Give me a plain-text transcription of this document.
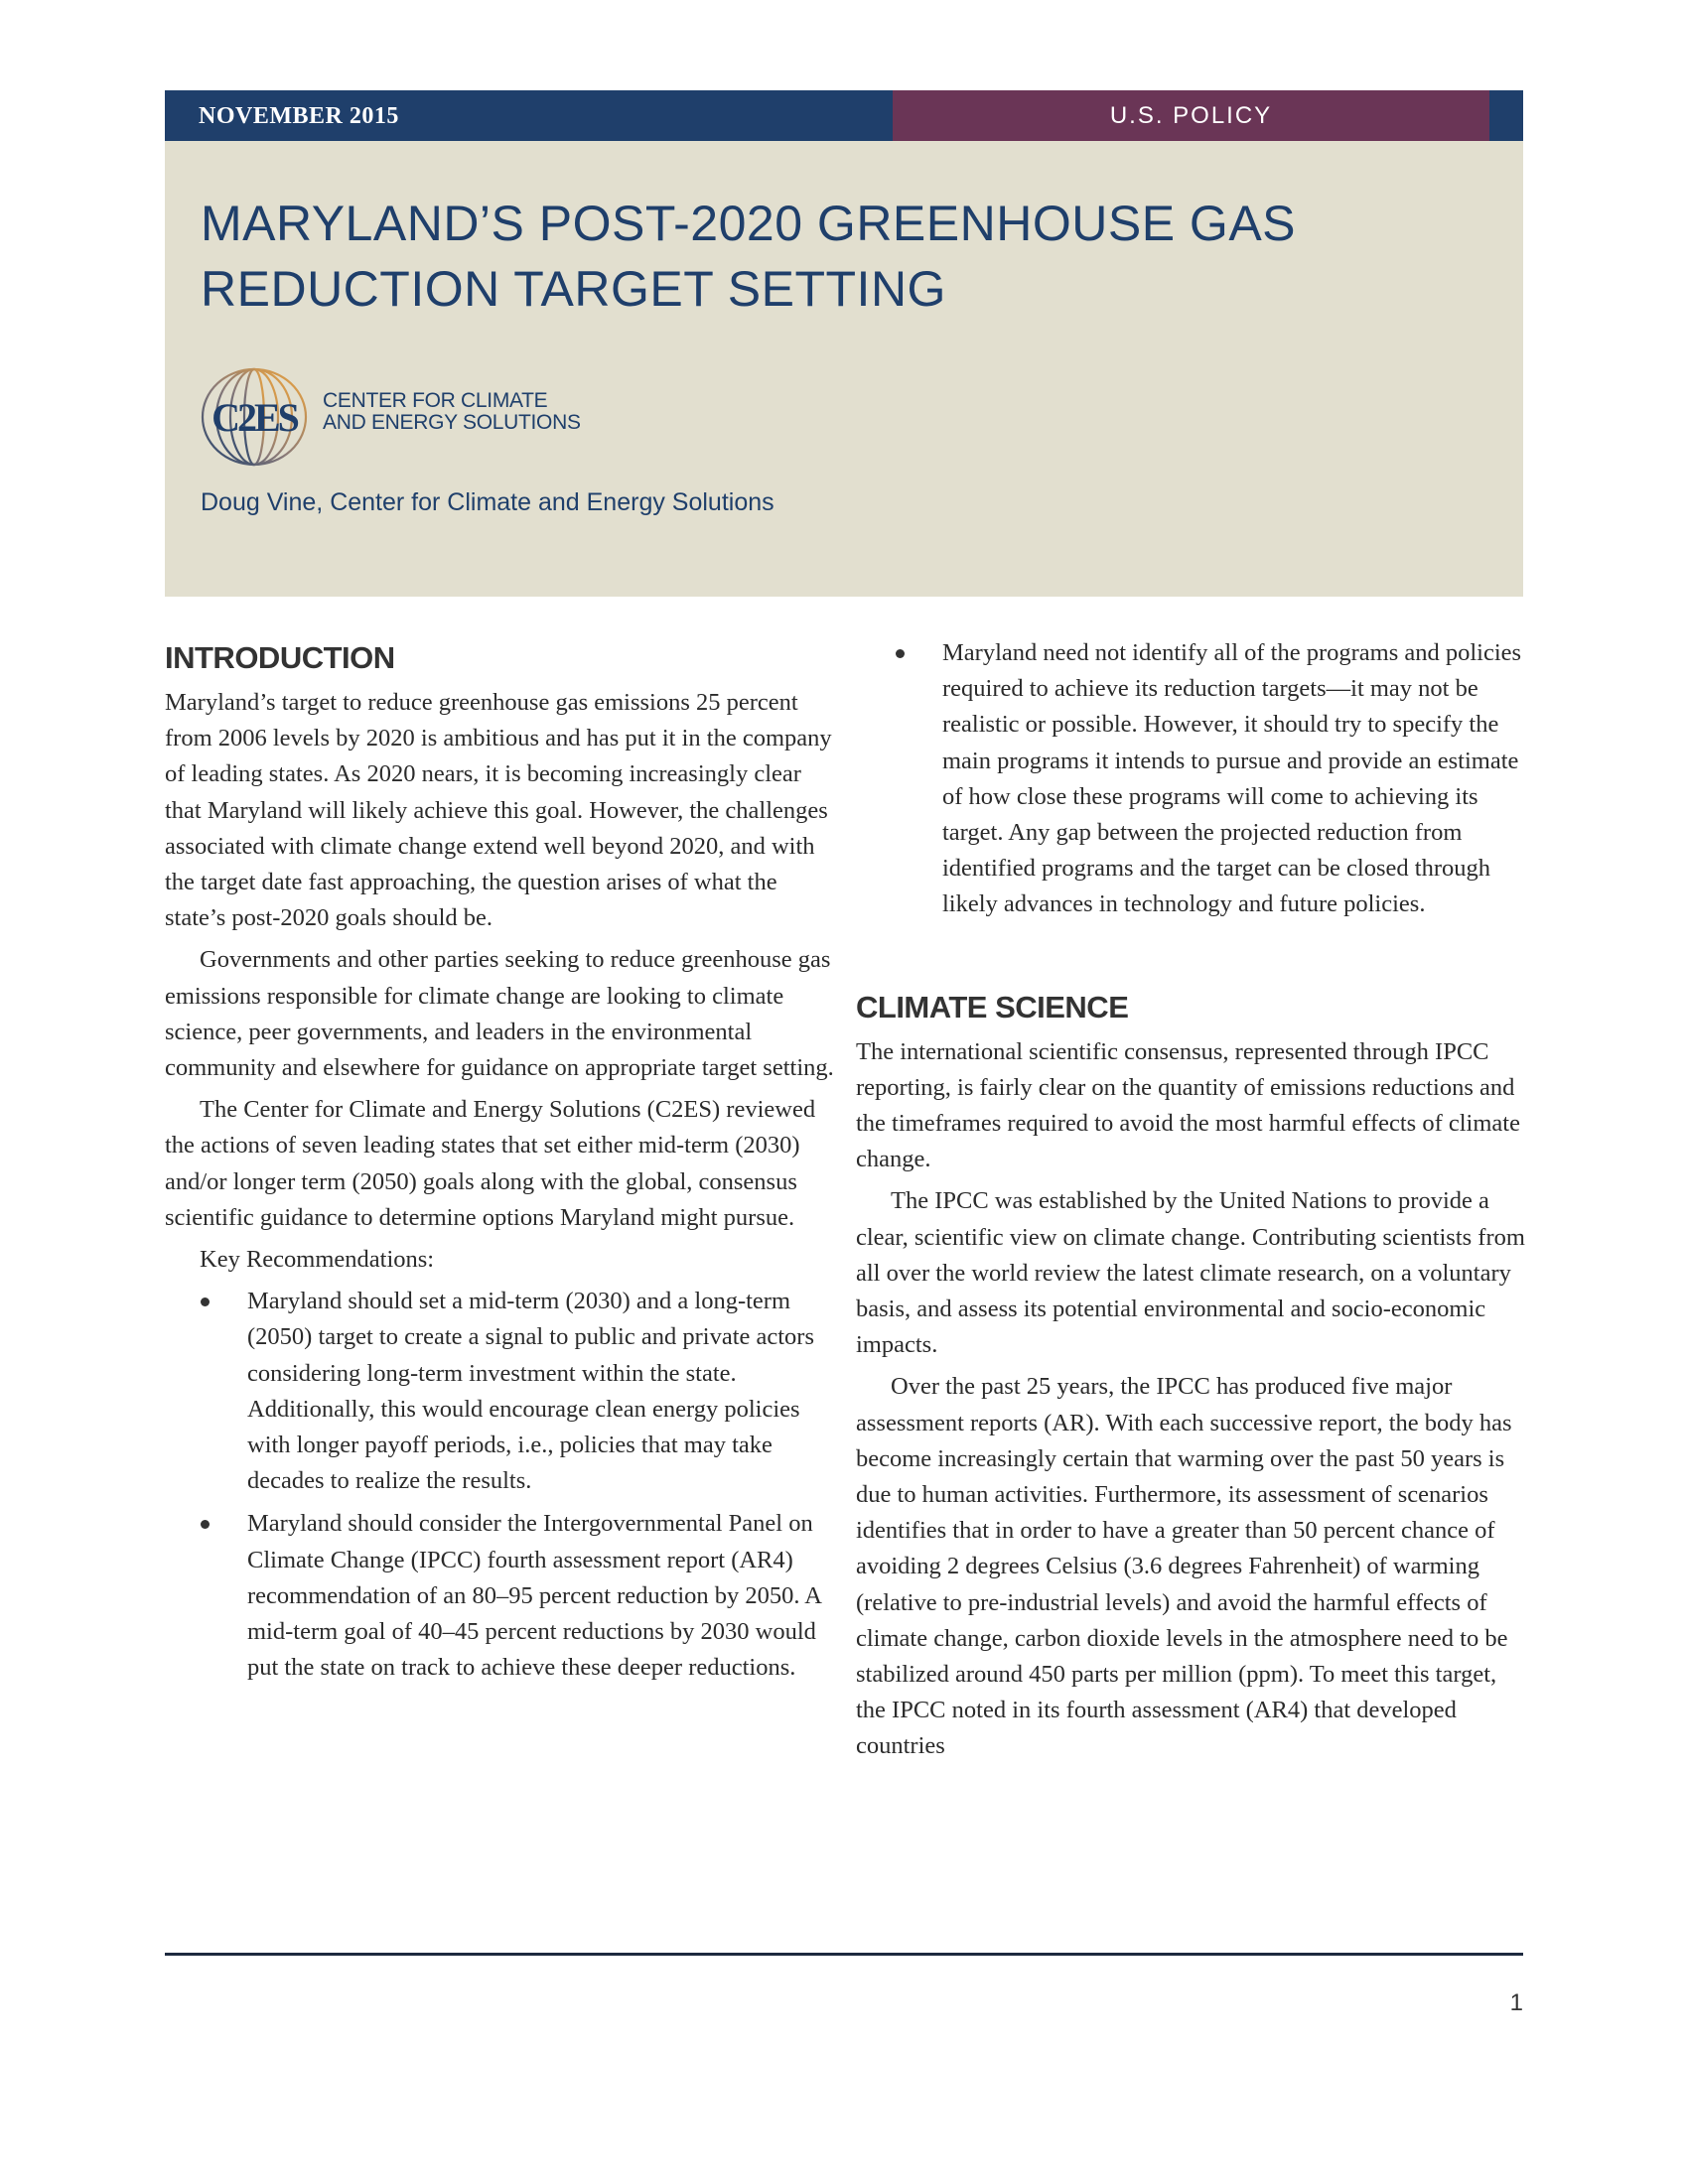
NOVEMBER 2015	U.S. POLICY
MARYLAND’S POST-2020 GREENHOUSE GAS
REDUCTION TARGET SETTING
C2ES CENTER FOR CLIMATE
AND ENERGY SOLUTIONS
Doug Vine, Center for Climate and Energy Solutions
INTRODUCTION

Maryland’s target to reduce greenhouse gas emissions 25 percent from 2006 levels by 2020 is ambitious and has put it in the company of leading states. As 2020 nears, it is becoming increasingly clear that Maryland will likely achieve this goal. However, the challenges associated with climate change extend well beyond 2020, and with the target date fast approaching, the question arises of what the state’s post-2020 goals should be.

Governments and other parties seeking to reduce greenhouse gas emissions responsible for climate change are looking to climate science, peer governments, and leaders in the environmental community and elsewhere for guidance on appropriate target setting.

The Center for Climate and Energy Solutions (C2ES) reviewed the actions of seven leading states that set either mid-term (2030) and/or longer term (2050) goals along with the global, consensus scientific guidance to determine options Maryland might pursue.

Key Recommendations:

Maryland should set a mid-term (2030) and a long-term (2050) target to create a signal to public and private actors considering long-term investment within the state. Additionally, this would encourage clean energy policies with longer payoff periods, i.e., policies that may take decades to realize the results.
Maryland should consider the Intergovernmental Panel on Climate Change (IPCC) fourth assessment report (AR4) recommendation of an 80–95 percent reduction by 2050. A mid-term goal of 40–45 percent reductions by 2030 would put the state on track to achieve these deeper reductions.
Maryland need not identify all of the programs and policies required to achieve its reduction targets—it may not be realistic or possible. However, it should try to specify the main programs it intends to pursue and provide an estimate of how close these programs will come to achieving its target. Any gap between the projected reduction from identified programs and the target can be closed through likely advances in technology and future policies.
CLIMATE SCIENCE

The international scientific consensus, represented through IPCC reporting, is fairly clear on the quantity of emissions reductions and the timeframes required to avoid the most harmful effects of climate change.

The IPCC was established by the United Nations to provide a clear, scientific view on climate change. Contributing scientists from all over the world review the latest climate research, on a voluntary basis, and assess its potential environmental and socio-economic impacts.

Over the past 25 years, the IPCC has produced five major assessment reports (AR). With each successive report, the body has become increasingly certain that warming over the past 50 years is due to human activities. Furthermore, its assessment of scenarios identifies that in order to have a greater than 50 percent chance of avoiding 2 degrees Celsius (3.6 degrees Fahrenheit) of warming (relative to pre-industrial levels) and avoid the harmful effects of climate change, carbon dioxide levels in the atmosphere need to be stabilized around 450 parts per million (ppm). To meet this target, the IPCC noted in its fourth assessment (AR4) that developed countries

1
